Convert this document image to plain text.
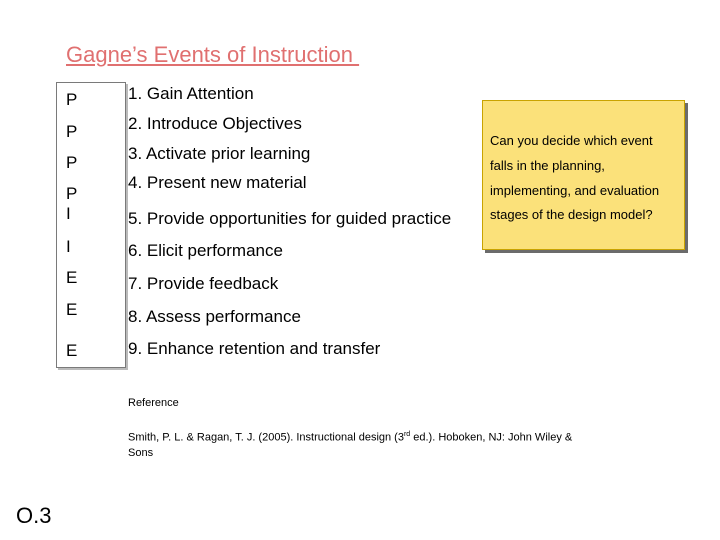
Gagne’s Events of Instruction
P
P
P
P
I
I
E
E
E
1. Gain Attention
2. Introduce Objectives
3. Activate prior learning
4. Present new material
5. Provide opportunities for guided practice
6. Elicit performance
7. Provide feedback
8. Assess performance
9. Enhance retention and transfer
Can you decide which event
falls in the planning,
implementing, and evaluation
stages of the design model?
Reference
Smith, P. L. & Ragan, T. J. (2005). Instructional design (3rd ed.). Hoboken, NJ: John Wiley & Sons
O.3
